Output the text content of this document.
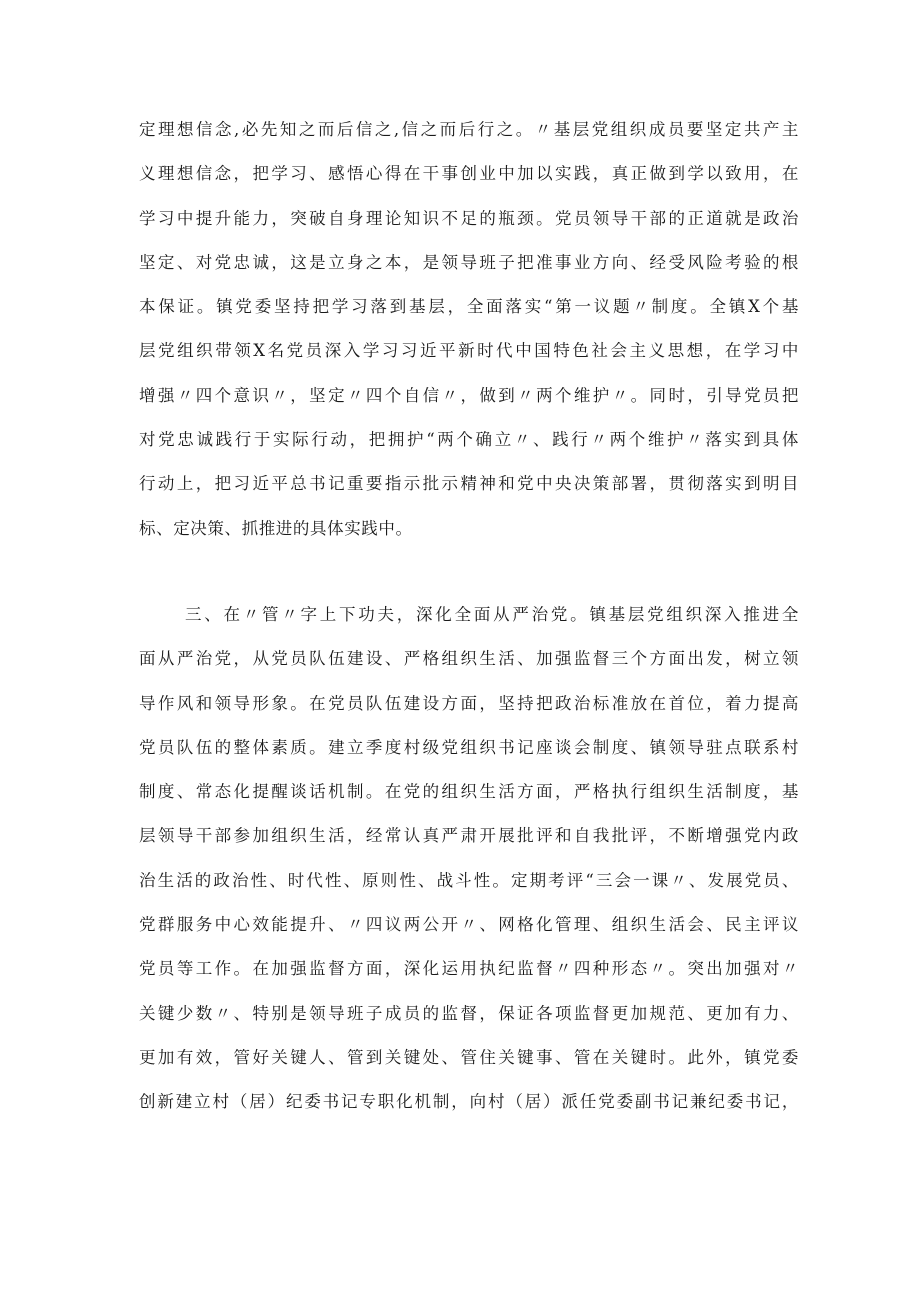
定理想信念,必先知之而后信之,信之而后行之。〃基层党组织成员要坚定共产主
义理想信念，把学习、感悟心得在干事创业中加以实践，真正做到学以致用，在
学习中提升能力，突破自身理论知识不足的瓶颈。党员领导干部的正道就是政治
坚定、对党忠诚，这是立身之本，是领导班子把准事业方向、经受风险考验的根
本保证。镇党委坚持把学习落到基层，全面落实“第一议题〃制度。全镇X个基
层党组织带领X名党员深入学习习近平新时代中国特色社会主义思想，在学习中
增强〃四个意识〃，坚定〃四个自信〃，做到〃两个维护〃。同时，引导党员把
对党忠诚践行于实际行动，把拥护“两个确立〃、践行〃两个维护〃落实到具体
行动上，把习近平总书记重要指示批示精神和党中央决策部署，贯彻落实到明目
标、定决策、抓推进的具体实践中。
三、在〃管〃字上下功夫，深化全面从严治党。镇基层党组织深入推进全
面从严治党，从党员队伍建设、严格组织生活、加强监督三个方面出发，树立领
导作风和领导形象。在党员队伍建设方面，坚持把政治标准放在首位，着力提高
党员队伍的整体素质。建立季度村级党组织书记座谈会制度、镇领导驻点联系村
制度、常态化提醒谈话机制。在党的组织生活方面，严格执行组织生活制度，基
层领导干部参加组织生活，经常认真严肃开展批评和自我批评，不断增强党内政
治生活的政治性、时代性、原则性、战斗性。定期考评“三会一课〃、发展党员、
党群服务中心效能提升、〃四议两公开〃、网格化管理、组织生活会、民主评议
党员等工作。在加强监督方面，深化运用执纪监督〃四种形态〃。突出加强对〃
关键少数〃、特别是领导班子成员的监督，保证各项监督更加规范、更加有力、
更加有效，管好关键人、管到关键处、管住关键事、管在关键时。此外，镇党委
创新建立村（居）纪委书记专职化机制，向村（居）派任党委副书记兼纪委书记，
